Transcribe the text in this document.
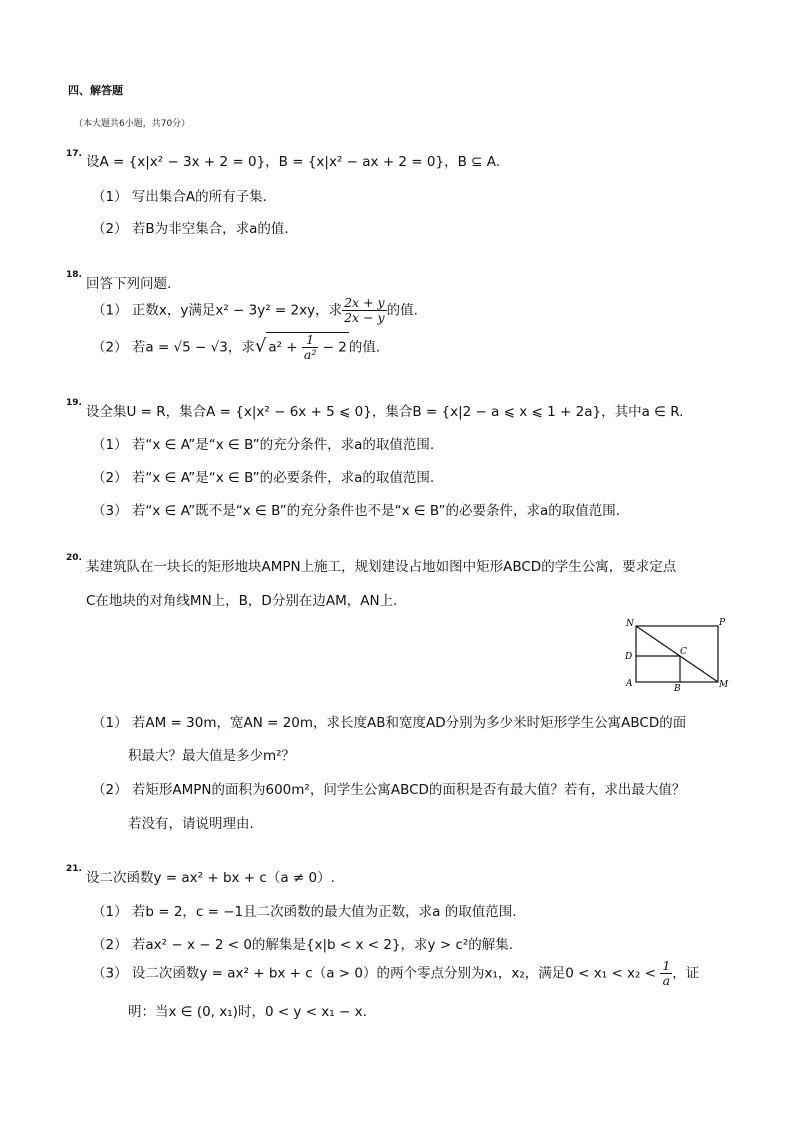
四、解答题
（本大题共6小题，共70分）
17. 设A = {x|x² − 3x + 2 = 0}，B = {x|x² − ax + 2 = 0}，B ⊆ A.
（1） 写出集合A的所有子集.
（2） 若B为非空集合，求a的值.
18.
回答下列问题.
（1） 正数x，y满足x² − 3y² = 2xy，求 $\frac{2x + y}{2x - y}$ 的值.
（2） 若a = √5 − √3，求√ $a^2 + \frac{1}{\text{a²}} - 2$ 的值.
19.
设全集U = R，集合A = {x|x² − 6x + 5 ⩽ 0}，集合B = {x|2 − a ⩽ x ⩽ 1 + 2a}，其中a ∈ R.
（1） 若“x ∈ A”是“x ∈ B”的充分条件，求a的取值范围.
（2） 若“x ∈ A”是“x ∈ B”的必要条件，求a的取值范围.
（3） 若“x ∈ A”既不是“x ∈ B”的充分条件也不是“x ∈ B”的必要条件，求a的取值范围.
20.
某建筑队在一块长的矩形地块AMPN上施工，规划建设占地如图中矩形ABCD的学生公寓，要求定点
C在地块的对角线MN上，B，D分别在边AM，AN上.
N	P
D	C
A	B	M
（1） 若AM = 30m，宽AN = 20m，求长度AB和宽度AD分别为多少米时矩形学生公寓ABCD的面
积最大？最大值是多少m²？
（2） 若矩形AMPN的面积为600m²，问学生公寓ABCD的面积是否有最大值？若有，求出最大值？
若没有，请说明理由.
21.
设二次函数y = ax² + bx + c（a ≠ 0）.
（1） 若b = 2，c = −1且二次函数的最大值为正数，求a 的取值范围.
（2） 若ax² − x − 2 < 0的解集是{x|b < x < 2}，求y > c²的解集.
（3） 设二次函数y = ax² + bx + c（a > 0）的两个零点分别为x₁，x₂，满足$0 < x_1 < x_2 < \frac{1}{a}$ ，证
明：当x ∈ (0, x₁)时，0 < y < x₁ − x.
